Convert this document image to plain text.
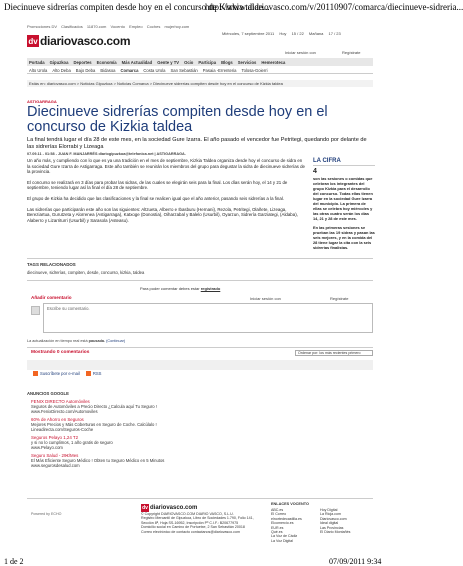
Diecinueve sidrerías compiten desde hoy en el concurso de Kizkia talde...
http://www.diariovasco.com/v/20110907/comarca/diecinueve-sidreria...
Promociones DV Clasificados 11870.com Vocento Empleo Coches mujerhoy.com
dv diariovasco.com
Miércoles, 7 septiembre 2011 Hoy 15 / 22 Mañana 17 / 23
Iniciar sesión con	Regístrate
Portada Gipuzkoa Deportes Economía Más Actualidad Gente y TV Ocio Participa Blogs Servicios Hemeroteca
Alto Urola Alto Deba Bajo Deba Bidasoa Comarca Costa Urola San Sebastián Pasaia -Errenteria Tolosa-Goierri
Estás en: diariovasco.com > Noticias Gipuzkoa > Noticias Comarca > Diecinueve sidrerías compiten desde hoy en el concurso de Kizkia taldea
ASTIGARRAGA
Diecinueve sidrerías compiten desde hoy en el concurso de Kizkia taldea
La final tendrá lugar el día 28 de este mes, en la sociedad Gure Izarra. El año pasado el vencedor fue Petritegi, quedando por delante de las sidrerías Elorrabi y Lizeaga
07.09.11 - 01:58 - JUAN F. MANJARRÉS diariogipuzkoa@telefonica.net | ASTIGARRAGA.

Un año más, y cumpliendo con lo que es ya una tradición en el mes de septiembre, Kizkia Taldea organiza desde hoy el concurso de sidra en la sociedad Gure Izarra de Astigarraga. Este año también se reunirán los miembros del grupo para degustar la sidra de diecinueve sidrerías de la provincia.

El concurso se realizará en 3 días para probar las sidras, de las cuales se elegirán seis para la final. Los días serán hoy, el 14 y 21 de septiembre, teniendo lugar así la final el día 28 de septiembre.

El grupo de Kizkia ha decidido que las clasificaciones y la final se realicen igual que el año anterior, pasando seis sidrerías a la final.

Las sidrerías que participarán este año son las siguientes: Altzueta, Alberro e Iba​sburu (Hernani), Rezola, Petritegi, Olañete, Lizeaga, Bereziartua, Gurutzeta y Alorrenea (Astigarraga), Katxoge (Donostia), Oiharzabal y Balelo (Usurbil), Oyarzun, Sidrería Garziategi, (Aldaba), Alaberro y Lizarriturri (Usurbil) y Saraso​la (Asteasu).

LA CIFRA
4

son las sesiones o comidas que celebran los integrantes del grupo Kizkia para el desarrollo del concurso. Todas ellas tienen lugar en la sociedad Gure Izarra del municipio. La primera de ellas se celebra hoy miércoles y las otras cuatro serán los días 14, 21 y 28 de este mes.

En las primeras sesiones se prueban las 19 sidras y pasan las seis mejores, y en la comida del 28 tiene lugar la cita con la seis sidrerías finalistas.

TAGS RELACIONADOS
diecinueve, sidrerías, compiten, desde, concurso, kizkia, taldea
Para poder comentar debes estar registrado
Añadir comentario	Iniciar sesión con	Regístrate
Escribe su comentario.
La actualización en tiempo real está pausada. (Continuar)
Mostrando 0 comentarios	Ordenar por: los más recientes primero
Suscríbete por e-mail	RSS
ANUNCIOS GOOGLE
FENIX DIRECTO Automóviles
Seguros de Automóviles a Precio Directo ¿Calcula aquí Tu Seguro !
www.FenixDirecto.com/Automoviles
60% de Ahorro en Seguros
Mejores Precios y Más Coberturas en Seguro de Coche. Calcúlalo !
Lineadirecta.com/Seguros-Coche
Seguros Pelayo 1,24 T2
y si no lo cumplimos, 1 año gratis de seguro
www.Pelayo.com
Seguro Salud - 29€/Mes
El Más Eficiente Seguro Médico ! Obten tu Seguro Médico en 5 Minutos
www.segurosdesalud.com
Powered by ECHO
dv diariovasco.com
© Copyright DIARIOVASCO.COM DIARIO VASCO, S.L.U.
Registro Mercantil de Gipuzkoa, Libro de Sociedades 1.790, Folio 141, Sección 8ª, Hoja SS-16952, Inscripción Pº C.I.F.: B20677975
Domicilio social en Camino de Portuetxe, 2 San Sebastián 20018
Correo electrónico de contacto contactanos@diariovasco.com
ENLACES VOCENTO
ABC.es
El Correo
elnortedecastilla.es
Elcomercio.es
EUR.es
Qué.es
La Voz de Cádiz
La Voz Digital
Hoy Digital
La Rioja.com
Diariovasco.com
Ideal digital
Las Provincias
El Diario Montañés
1 de 2	07/09/2011 9:34
